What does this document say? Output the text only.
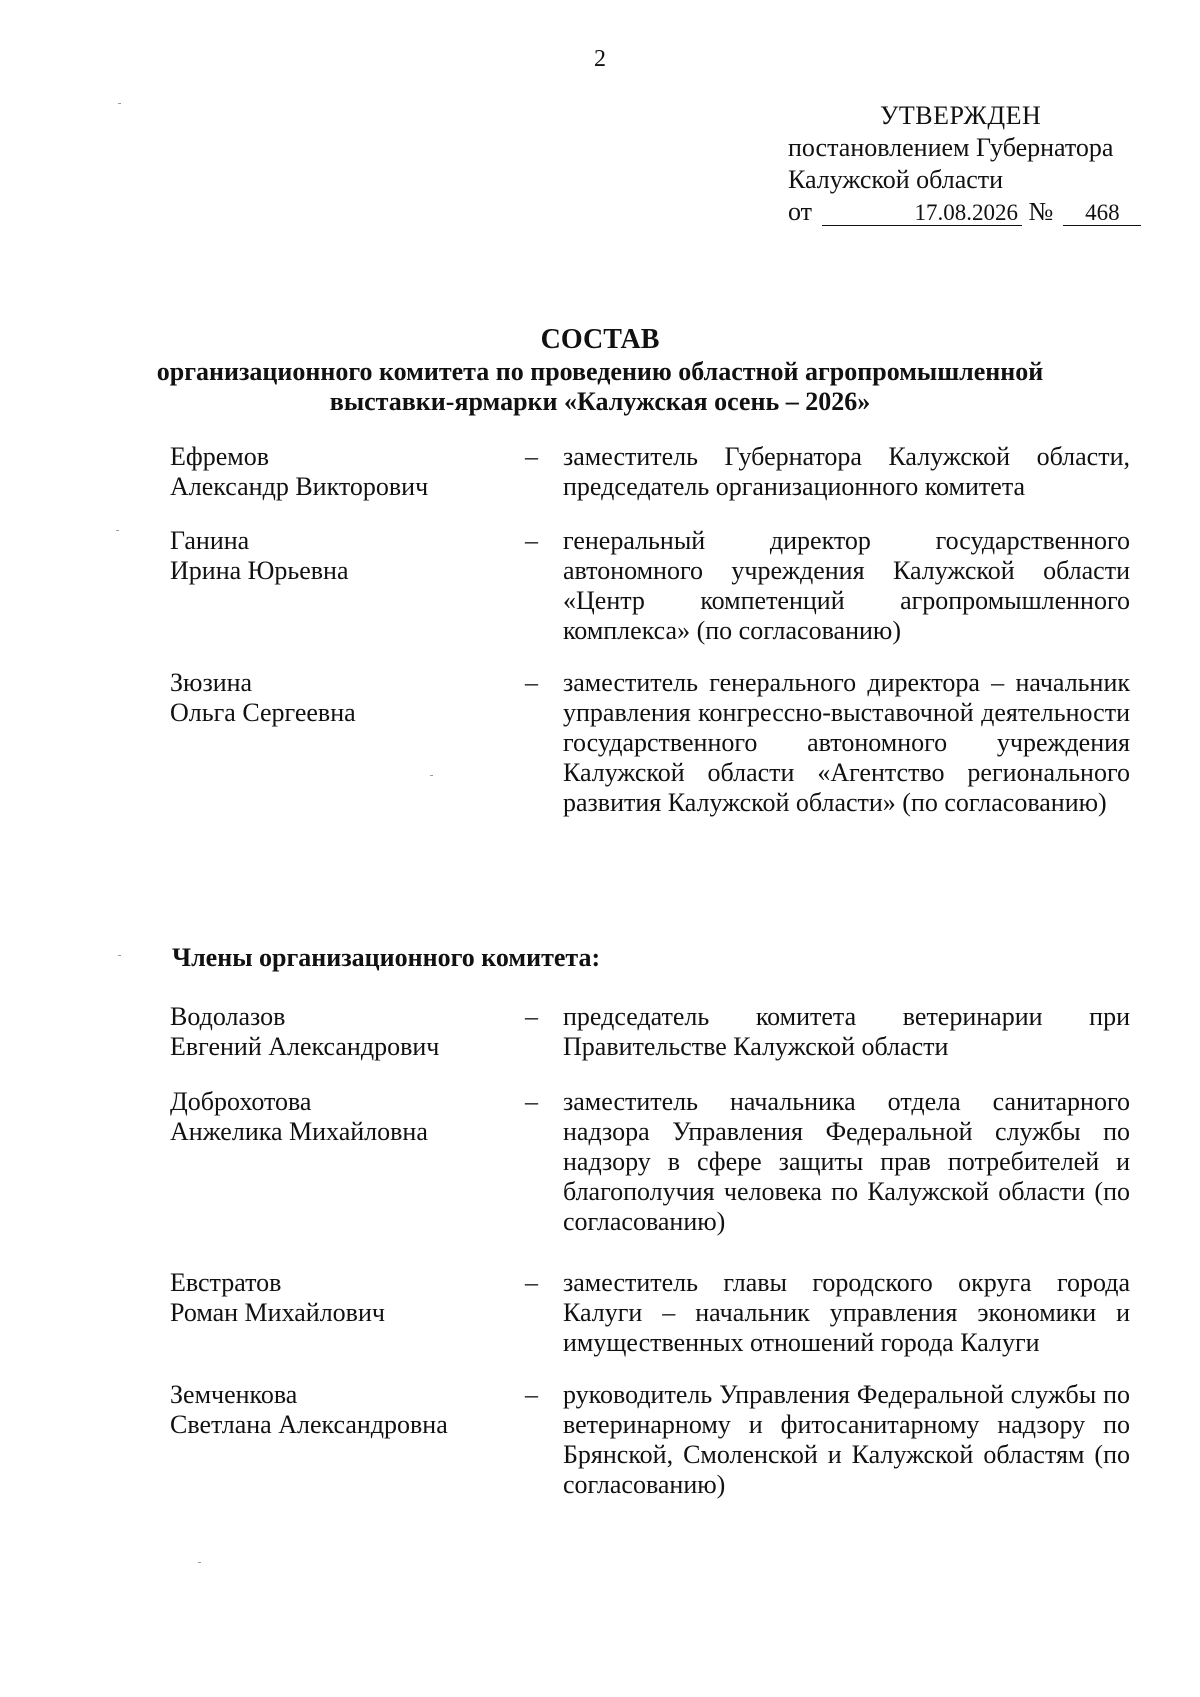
2
УТВЕРЖДЕН
постановлением Губернатора
Калужской области
от	17.08.2026 № 468
СОСТАВ
организационного комитета по проведению областной агропромышленной
выставки-ярмарки «Калужская осень – 2026»
Ефремов
Александр Викторович
– заместитель Губернатора Калужской области, председатель организационного комитета
Ганина
Ирина Юрьевна
– генеральный директор государственного автономного учреждения Калужской области «Центр компетенций агропромышленного комплекса» (по согласованию)
Зюзина
Ольга Сергеевна
– заместитель генерального директора – начальник управления конгрессно-выставочной деятельности государственного автономного учреждения Калужской области «Агентство регионального развития Калужской области» (по согласованию)
Члены организационного комитета:
Водолазов
Евгений Александрович
– председатель комитета ветеринарии при Правительстве Калужской области
Доброхотова
Анжелика Михайловна
– заместитель начальника отдела санитарного надзора Управления Федеральной службы по надзору в сфере защиты прав потребителей и благополучия человека по Калужской области (по согласованию)
Евстратов
Роман Михайлович
– заместитель главы городского округа города Калуги – начальник управления экономики и имущественных отношений города Калуги
Земченкова
Светлана Александровна
– руководитель Управления Федеральной службы по ветеринарному и фитосанитарному надзору по Брянской, Смоленской и Калужской областям (по согласованию)
